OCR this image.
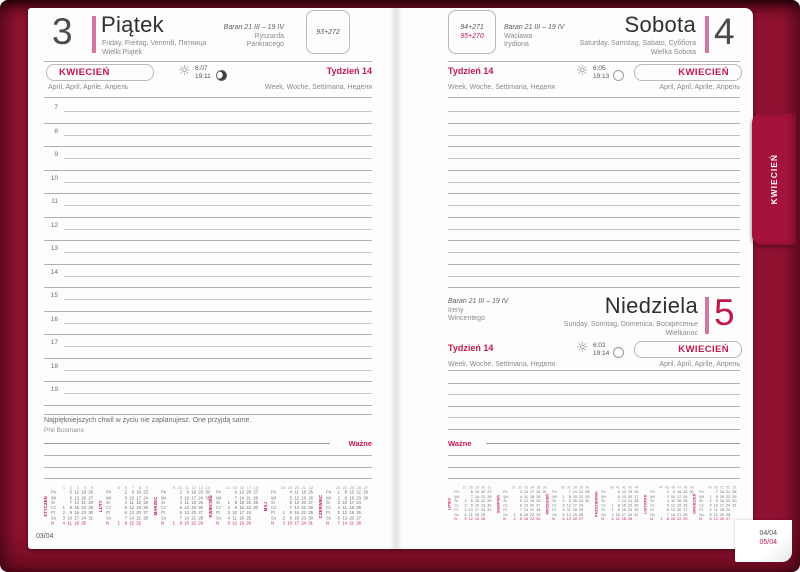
3 Piątek
Friday, Freitag, Venerdì, Пятница
Wielki Piątek
Baran 21 III – 19 IV
Ryszarda
Pankracego
93+272
KWIECIEŃ
April, April, Aprile, Апрель
☼ 6:07
19:11
Tydzień 14
Week, Woche, Settimana, Неделя
7
8
9
10
11
12
13
14
15
16
17
18
19
Najpiękniejszych chwil w życiu nie zaplanujesz. One przyjdą same.
Phil Bosmans
Ważne
STYCZEŃ
	1	2	3	4	5
Pn		5	12	19	26
Wt		6	13	20	27
Śr		7	14	21	28
Cz	1	8	15	22	29
Pt	2	9	16	23	30
So	3	10	17	24	31
N	4	11	18	25	
LUTY
	5	6	7	8	9
Pn		2	9	16	23
Wt		3	10	17	24
Śr		4	11	18	25
Cz		5	12	19	26
Pt		6	13	20	27
So		7	14	21	28
N	1	8	15	22	
MARZEC
	9	10	11	12	13	14
Pn		2	9	16	23	30
Wt		3	10	17	24	31
Śr		4	11	18	25	
Cz		5	12	19	26	
Pt		6	13	20	27	
So		7	14	21	28	
N	1	8	15	22	29	
KWIECIEŃ
	14	15	16	17	18
Pn		6	13	20	27
Wt		7	14	21	28
Śr	1	8	15	22	29
Cz	2	9	16	23	30
Pt	3	10	17	24	
So	4	11	18	25	
N	5	12	19	26	
MAJ
	18	19	20	21	22
Pn		4	11	18	25
Wt		5	12	19	26
Śr		6	13	20	27
Cz		7	14	21	28
Pt	1	8	15	22	29
So	2	9	16	23	30
N	3	10	17	24	31
CZERWIEC
	23	24	25	26	27
Pn	1	8	15	22	29
Wt	2	9	16	23	30
Śr	3	10	17	24	
Cz	4	11	18	25	
Pt	5	12	19	26	
So	6	13	20	27	
N	7	14	21	28	
03/04
94+271
95+270
Baran 21 III – 19 IV
Wacława
Irydiona
Sobota
Saturday, Samstag, Sabato, Суббота
Wielka Sobota
4
Tydzień 14
Week, Woche, Settimana, Неделя
☼ 6:05
19:13	KWIECIEŃ
April, April, Aprile, Апрель
Baran 21 III – 19 IV
Ireny
Wincentego
Niedziela
Sunday, Sonntag, Domenica, Воскресенье
Wielkanoc
5
Tydzień 14
Week, Woche, Settimana, Неделя
☼ 6:02
19:14	KWIECIEŃ
April, April, Aprile, Апрель
Ważne
LIPIEC
	27	28	29	30	31
Pn		6	13	20	27
Wt		7	14	21	28
Śr	1	8	15	22	29
Cz	2	9	16	23	30
Pt	3	10	17	24	31
So	4	11	18	25	
N	5	12	19	26	
SIERPIEŃ
	31	32	33	34	35	36
Pn		3	10	17	24	31
Wt		4	11	18	25	
Śr		5	12	19	26	
Cz		6	13	20	27	
Pt		7	14	21	28	
So	1	8	15	22	29	
N	2	9	16	23	30	
WRZESIEŃ
	36	37	38	39	40
Pn		7	14	21	28
Wt	1	8	15	22	29
Śr	2	9	16	23	30
Cz	3	10	17	24	
Pt	4	11	18	25	
So	5	12	19	26	
N	6	13	20	27	
PAŹDZIERNIK
	40	41	42	43	44
Pn		5	12	19	26
Wt		6	13	20	27
Śr		7	14	21	28
Cz	1	8	15	22	29
Pt	2	9	16	23	30
So	3	10	17	24	31
N	4	11	18	25	
LISTOPAD
	44	45	46	47	48	49
Pn		2	9	16	23	30
Wt		3	10	17	24	
Śr		4	11	18	25	
Cz		5	12	19	26	
Pt		6	13	20	27	
So		7	14	21	28	
N	1	8	15	22	29	
GRUDZIEŃ
	49	50	51	52	53
Pn		7	14	21	28
Wt	1	8	15	22	29
Śr	2	9	16	23	30
Cz	3	10	17	24	31
Pt	4	11	18	25	
So	5	12	19	26	
N	6	13	20	27	
04/04
05/04
KWIECIEŃ
